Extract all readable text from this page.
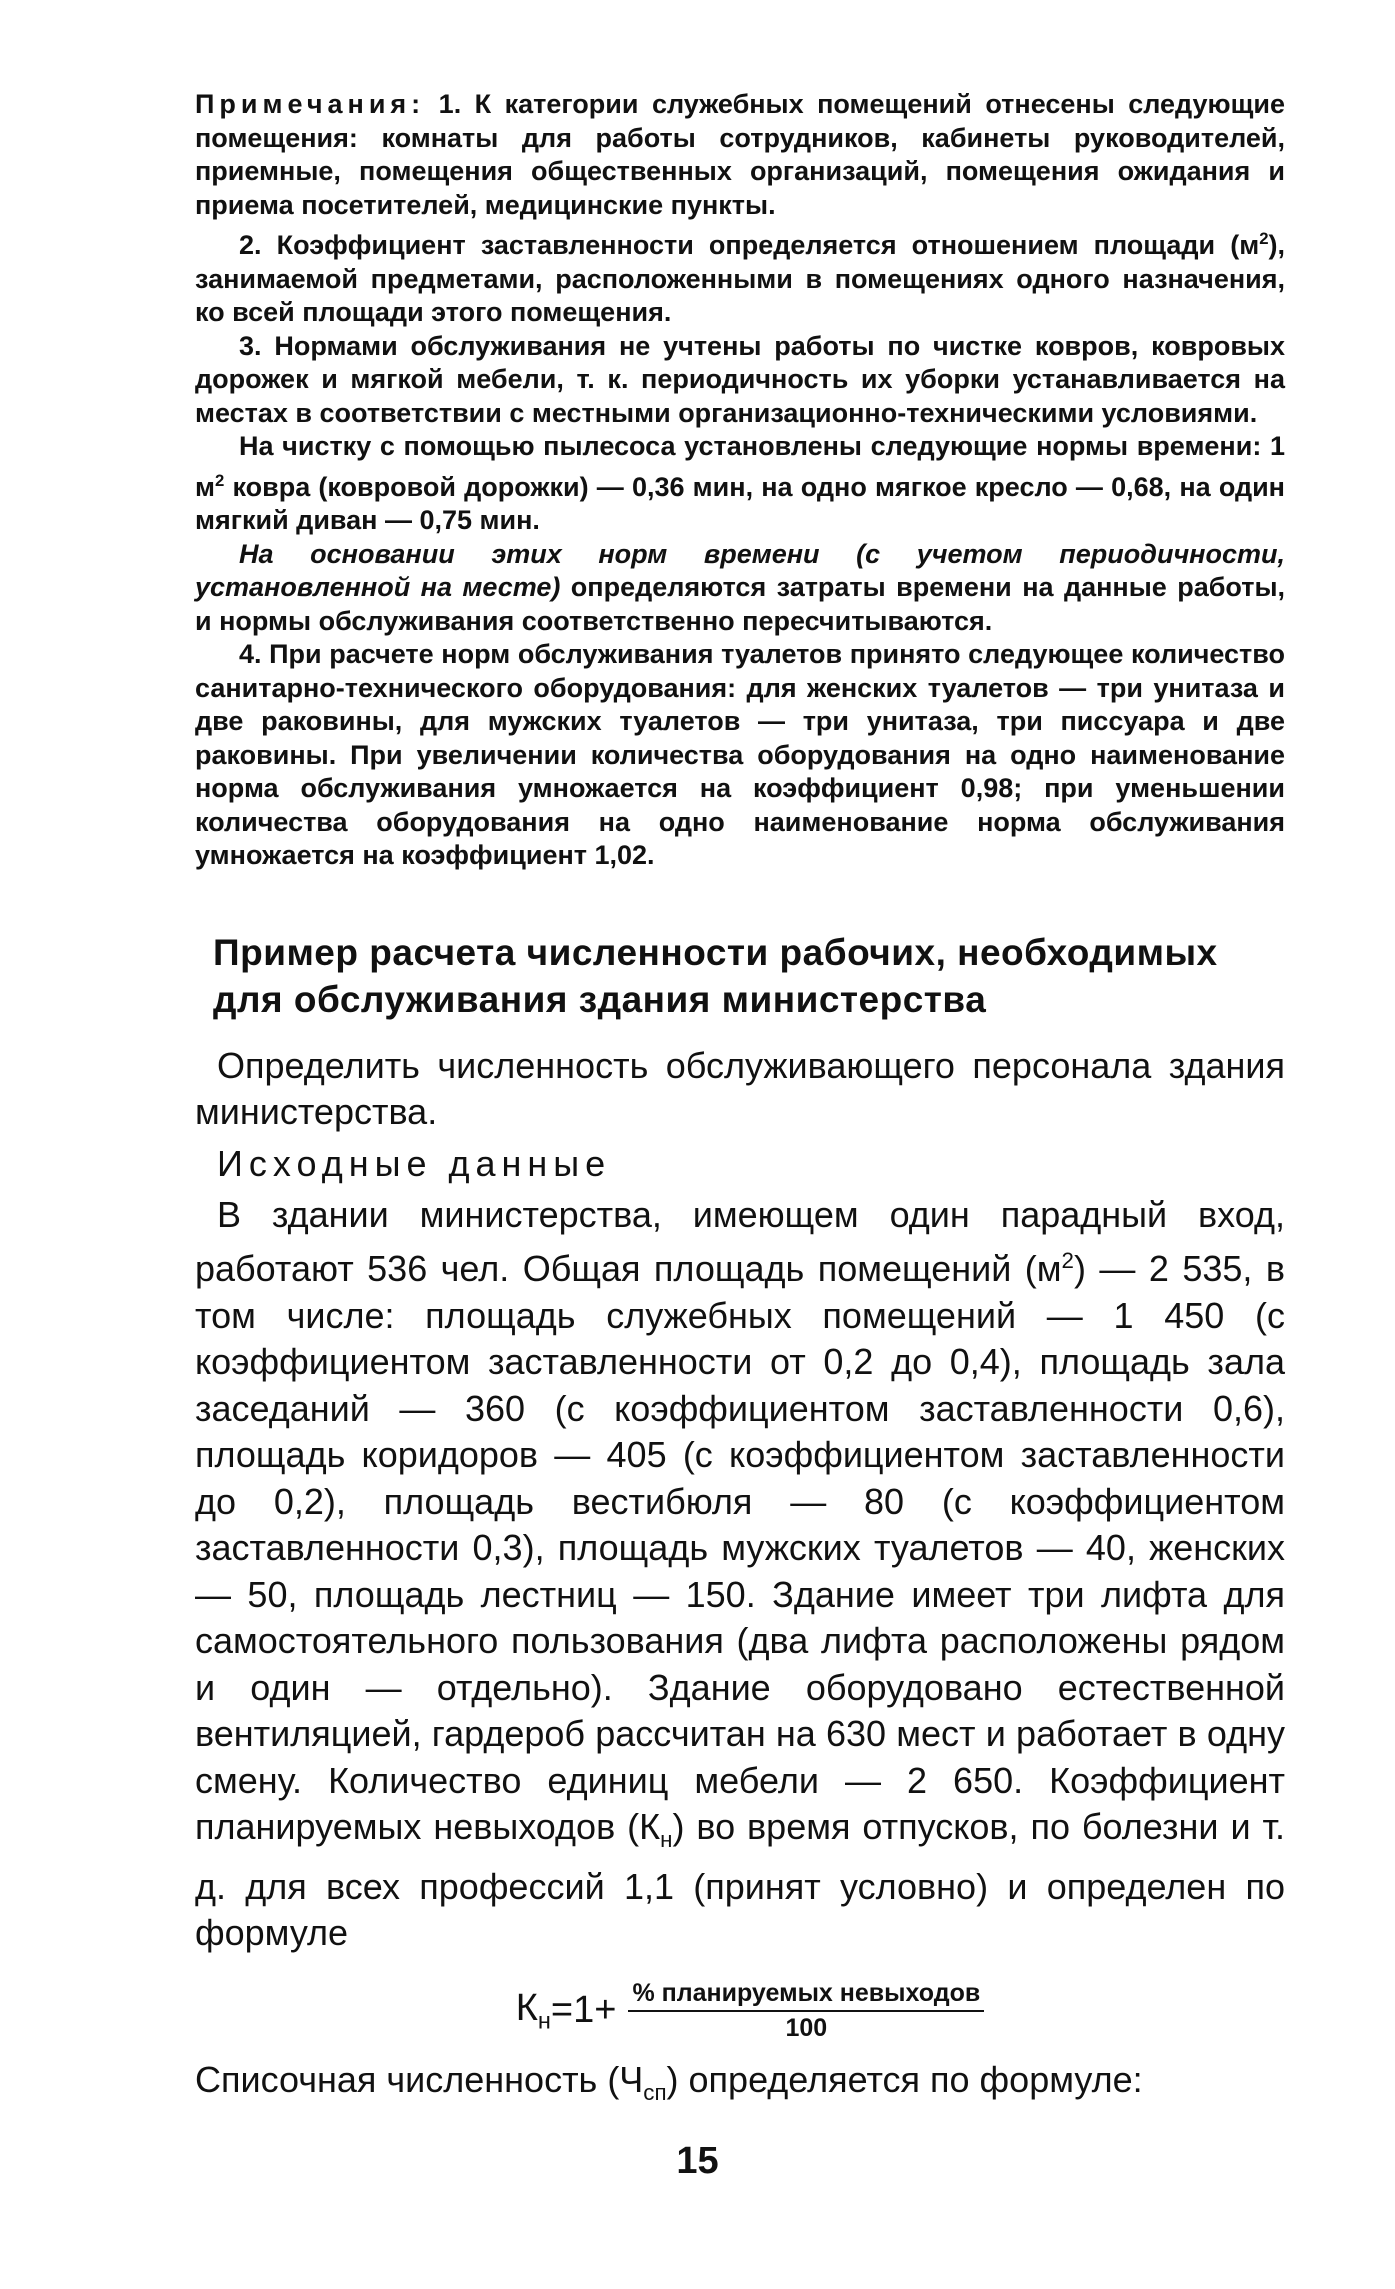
Примечания: 1. К категории служебных помещений отнесены следующие помещения: комнаты для работы сотрудников, кабинеты руководителей, приемные, помещения общественных организаций, помещения ожидания и приема посетителей, медицинские пункты.

2. Коэффициент заставленности определяется отношением площади $(м^2)$, занимаемой предметами, расположенными в помещениях одного назначения, ко всей площади этого помещения.

3. Нормами обслуживания не учтены работы по чистке ковров, ковровых дорожек и мягкой мебели, т. к. периодичность их уборки устанавливается на местах в соответствии с местными организационно-техническими условиями.

На чистку с помощью пылесоса установлены следующие нормы времени: 1 $м^2$ ковра (ковровой дорожки) — 0,36 мин, на одно мягкое кресло — 0,68, на один мягкий диван — 0,75 мин.

На основании этих норм времени (с учетом периодичности, установленной на месте) определяются затраты времени на данные работы, и нормы обслуживания соответственно пересчитываются.

4. При расчете норм обслуживания туалетов принято следующее количество санитарно-технического оборудования: для женских туалетов — три унитаза и две раковины, для мужских туалетов — три унитаза, три писсуара и две раковины. При увеличении количества оборудования на одно наименование норма обслуживания умножается на коэффициент 0,98; при уменьшении количества оборудования на одно наименование норма обслуживания умножается на коэффициент 1,02.

Пример расчета численности рабочих, необходимых для обслуживания здания министерства

Определить численность обслуживающего персонала здания министерства.

Исходные данные

В здании министерства, имеющем один парадный вход, работают 536 чел. Общая площадь помещений $(м^2)$ — 2 535, в том числе: площадь служебных помещений — 1 450 (с коэффициентом заставленности от 0,2 до 0,4), площадь зала заседаний — 360 (с коэффициентом заставленности 0,6), площадь коридоров — 405 (с коэффициентом заставленности до 0,2), площадь вестибюля — 80 (с коэффициентом заставленности 0,3), площадь мужских туалетов — 40, женских — 50, площадь лестниц — 150. Здание имеет три лифта для самостоятельного пользования (два лифта расположены рядом и один — отдельно). Здание оборудовано естественной вентиляцией, гардероб рассчитан на 630 мест и работает в одну смену. Количество единиц мебели — 2 650. Коэффициент планируемых невыходов $(К_н)$ во время отпусков, по болезни и т. д. для всех профессий 1,1 (принят условно) и определен по формуле

$К_н =1+ \frac{\text{\% планируемых невыходов}}{100}$
Списочная численность $(Ч_{сп})$ определяется по формуле:
15
